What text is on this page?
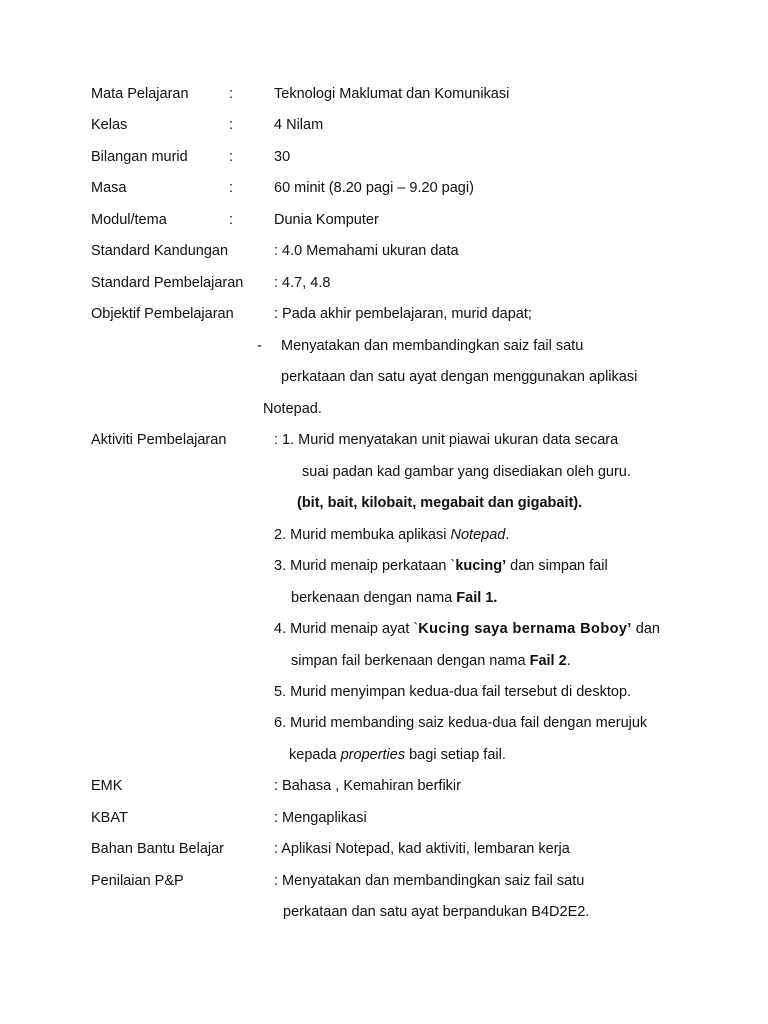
Mata Pelajaran	:	Teknologi Maklumat dan Komunikasi
Kelas	:	4 Nilam
Bilangan murid	:	30
Masa	:	60 minit (8.20 pagi – 9.20 pagi)
Modul/tema	:	Dunia Komputer
Standard Kandungan	: 4.0 Memahami ukuran data
Standard Pembelajaran : 4.7, 4.8
Objektif Pembelajaran	: Pada akhir pembelajaran, murid dapat;
- Menyatakan dan membandingkan saiz fail satu
perkataan dan satu ayat dengan menggunakan aplikasi
Notepad.
Aktiviti Pembelajaran	: 1. Murid menyatakan unit piawai ukuran data secara
suai padan kad gambar yang disediakan oleh guru.
(bit, bait, kilobait, megabait dan gigabait).
2. Murid membuka aplikasi Notepad.
3. Murid menaip perkataan `kucing’ dan simpan fail
berkenaan dengan nama Fail 1.
4. Murid menaip ayat `Kucing saya bernama Boboy’ dan
simpan fail berkenaan dengan nama Fail 2.
5. Murid menyimpan kedua-dua fail tersebut di desktop.
6. Murid membanding saiz kedua-dua fail dengan merujuk
kepada properties bagi setiap fail.
EMK	: Bahasa , Kemahiran berfikir
KBAT	: Mengaplikasi
Bahan Bantu Belajar	: Aplikasi Notepad, kad aktiviti, lembaran kerja
Penilaian P&P	: Menyatakan dan membandingkan saiz fail satu
perkataan dan satu ayat berpandukan B4D2E2.
